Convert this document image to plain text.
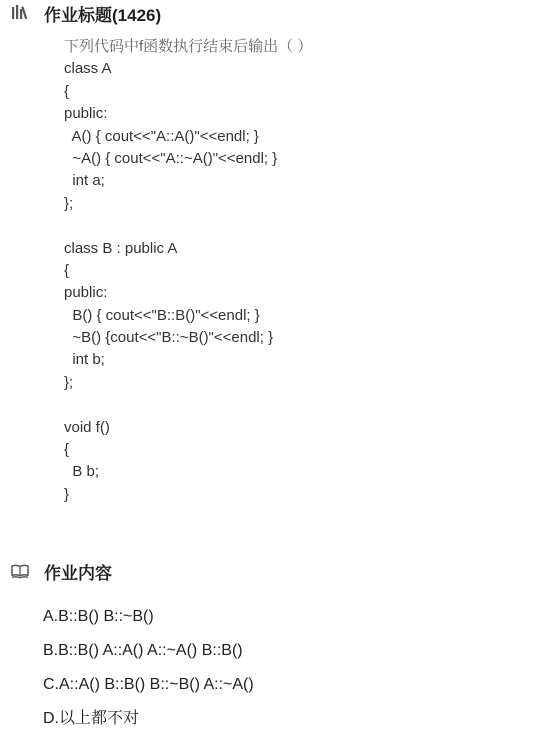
作业标题(1426)
下列代码中f函数执行结束后输出（ ）
class A
{
public:
A() { cout<<"A::A()"<<endl; }
~A() { cout<<"A::~A()"<<endl; }
int a;
};
class B : public A
{
public:
B() { cout<<"B::B()"<<endl; }
~B() {cout<<"B::~B()"<<endl; }
int b;
};
void f()
{
B b;
}
作业内容
A.B::B() B::~B()
B.B::B() A::A() A::~A() B::B()
C.A::A() B::B() B::~B() A::~A()
D.以上都不对
